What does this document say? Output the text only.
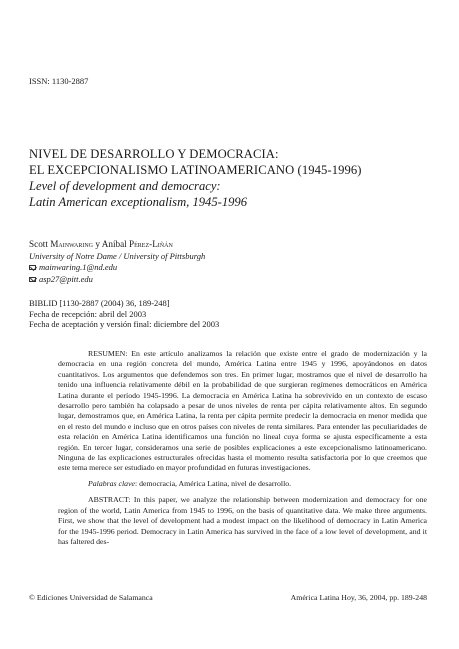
ISSN: 1130-2887
NIVEL DE DESARROLLO Y DEMOCRACIA:
EL EXCEPCIONALISMO LATINOAMERICANO (1945-1996)
Level of development and democracy:
Latin American exceptionalism, 1945-1996
Scott Mainwaring y Aníbal Pérez-Liñán
University of Notre Dame / University of Pittsburgh
mainwaring.1@nd.edu
asp27@pitt.edu
BIBLID [1130-2887 (2004) 36, 189-248]
Fecha de recepción: abril del 2003
Fecha de aceptación y versión final: diciembre del 2003

RESUMEN: En este artículo analizamos la relación que existe entre el grado de modernización y la democracia en una región concreta del mundo, América Latina entre 1945 y 1996, apoyándonos en datos cuantitativos. Los argumentos que defendemos son tres. En primer lugar, mostramos que el nivel de desarrollo ha tenido una influencia relativamente débil en la probabilidad de que surgieran regímenes democráticos en América Latina durante el período 1945-1996. La democracia en América Latina ha sobrevivido en un contexto de escaso desarrollo pero también ha colapsado a pesar de unos niveles de renta per cápita relativamente altos. En segundo lugar, demostramos que, en América Latina, la renta per cápita permite predecir la democracia en menor medida que en el resto del mundo e incluso que en otros países con niveles de renta similares. Para entender las peculiaridades de esta relación en América Latina identificamos una función no lineal cuya forma se ajusta específicamente a esta región. En tercer lugar, consideramos una serie de posibles explicaciones a este excepcionalismo latinoamericano. Ninguna de las explicaciones estructurales ofrecidas hasta el momento resulta satisfactoria por lo que creemos que este tema merece ser estudiado en mayor profundidad en futuras investigaciones.

Palabras clave: democracia, América Latina, nivel de desarrollo.

ABSTRACT: In this paper, we analyze the relationship between modernization and democracy for one region of the world, Latin America from 1945 to 1996, on the basis of quantitative data. We make three arguments. First, we show that the level of development had a modest impact on the likelihood of democracy in Latin America for the 1945-1996 period. Democracy in Latin America has survived in the face of a low level of development, and it has faltered des-

© Ediciones Universidad de Salamanca	América Latina Hoy, 36, 2004, pp. 189-248
